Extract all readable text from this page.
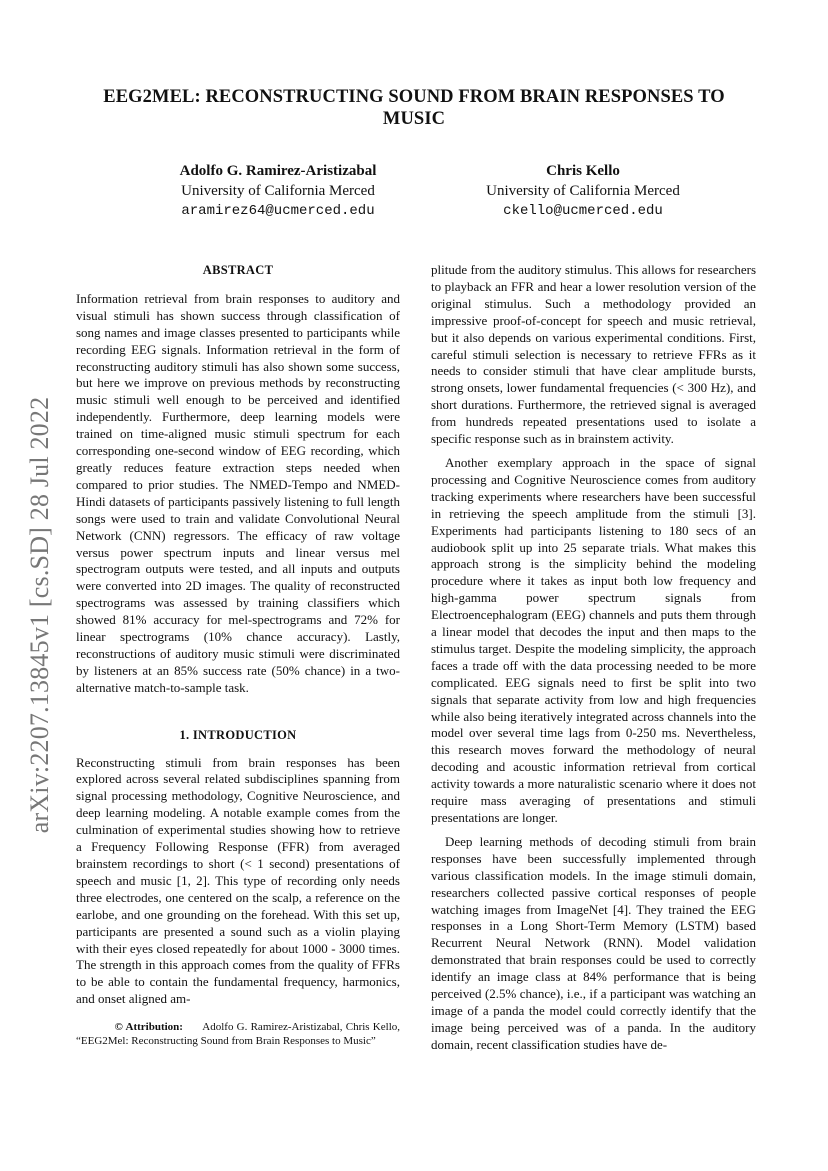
EEG2MEL: RECONSTRUCTING SOUND FROM BRAIN RESPONSES TO MUSIC
Adolfo G. Ramirez-Aristizabal
University of California Merced
aramirez64@ucmerced.edu
Chris Kello
University of California Merced
ckello@ucmerced.edu
arXiv:2207.13845v1 [cs.SD] 28 Jul 2022
ABSTRACT

Information retrieval from brain responses to auditory and visual stimuli has shown success through classification of song names and image classes presented to participants while recording EEG signals. Information retrieval in the form of reconstructing auditory stimuli has also shown some success, but here we improve on previous methods by reconstructing music stimuli well enough to be perceived and identified independently. Furthermore, deep learning models were trained on time-aligned music stimuli spectrum for each corresponding one-second window of EEG recording, which greatly reduces feature extraction steps needed when compared to prior studies. The NMED-Tempo and NMED-Hindi datasets of participants passively listening to full length songs were used to train and validate Convolutional Neural Network (CNN) regressors. The efficacy of raw voltage versus power spectrum inputs and linear versus mel spectrogram outputs were tested, and all inputs and outputs were converted into 2D images. The quality of reconstructed spectrograms was assessed by training classifiers which showed 81% accuracy for mel-spectrograms and 72% for linear spectrograms (10% chance accuracy). Lastly, reconstructions of auditory music stimuli were discriminated by listeners at an 85% success rate (50% chance) in a two-alternative match-to-sample task.

1. INTRODUCTION

Reconstructing stimuli from brain responses has been explored across several related subdisciplines spanning from signal processing methodology, Cognitive Neuroscience, and deep learning modeling. A notable example comes from the culmination of experimental studies showing how to retrieve a Frequency Following Response (FFR) from averaged brainstem recordings to short (< 1 second) presentations of speech and music [1, 2]. This type of recording only needs three electrodes, one centered on the scalp, a reference on the earlobe, and one grounding on the forehead. With this set up, participants are presented a sound such as a violin playing with their eyes closed repeatedly for about 1000 - 3000 times. The strength in this approach comes from the quality of FFRs to be able to contain the fundamental frequency, harmonics, and onset aligned am-

plitude from the auditory stimulus. This allows for researchers to playback an FFR and hear a lower resolution version of the original stimulus. Such a methodology provided an impressive proof-of-concept for speech and music retrieval, but it also depends on various experimental conditions. First, careful stimuli selection is necessary to retrieve FFRs as it needs to consider stimuli that have clear amplitude bursts, strong onsets, lower fundamental frequencies (< 300 Hz), and short durations. Furthermore, the retrieved signal is averaged from hundreds repeated presentations used to isolate a specific response such as in brainstem activity.

Another exemplary approach in the space of signal processing and Cognitive Neuroscience comes from auditory tracking experiments where researchers have been successful in retrieving the speech amplitude from the stimuli [3]. Experiments had participants listening to 180 secs of an audiobook split up into 25 separate trials. What makes this approach strong is the simplicity behind the modeling procedure where it takes as input both low frequency and high-gamma power spectrum signals from Electroencephalogram (EEG) channels and puts them through a linear model that decodes the input and then maps to the stimulus target. Despite the modeling simplicity, the approach faces a trade off with the data processing needed to be more complicated. EEG signals need to first be split into two signals that separate activity from low and high frequencies while also being iteratively integrated across channels into the model over several time lags from 0-250 ms. Nevertheless, this research moves forward the methodology of neural decoding and acoustic information retrieval from cortical activity towards a more naturalistic scenario where it does not require mass averaging of presentations and stimuli presentations are longer.

Deep learning methods of decoding stimuli from brain responses have been successfully implemented through various classification models. In the image stimuli domain, researchers collected passive cortical responses of people watching images from ImageNet [4]. They trained the EEG responses in a Long Short-Term Memory (LSTM) based Recurrent Neural Network (RNN). Model validation demonstrated that brain responses could be used to correctly identify an image class at 84% performance that is being perceived (2.5% chance), i.e., if a participant was watching an image of a panda the model could correctly identify that the image being perceived was of a panda. In the auditory domain, recent classification studies have de-

© Attribution: Adolfo G. Ramirez-Aristizabal, Chris Kello, “EEG2Mel: Reconstructing Sound from Brain Responses to Music”
